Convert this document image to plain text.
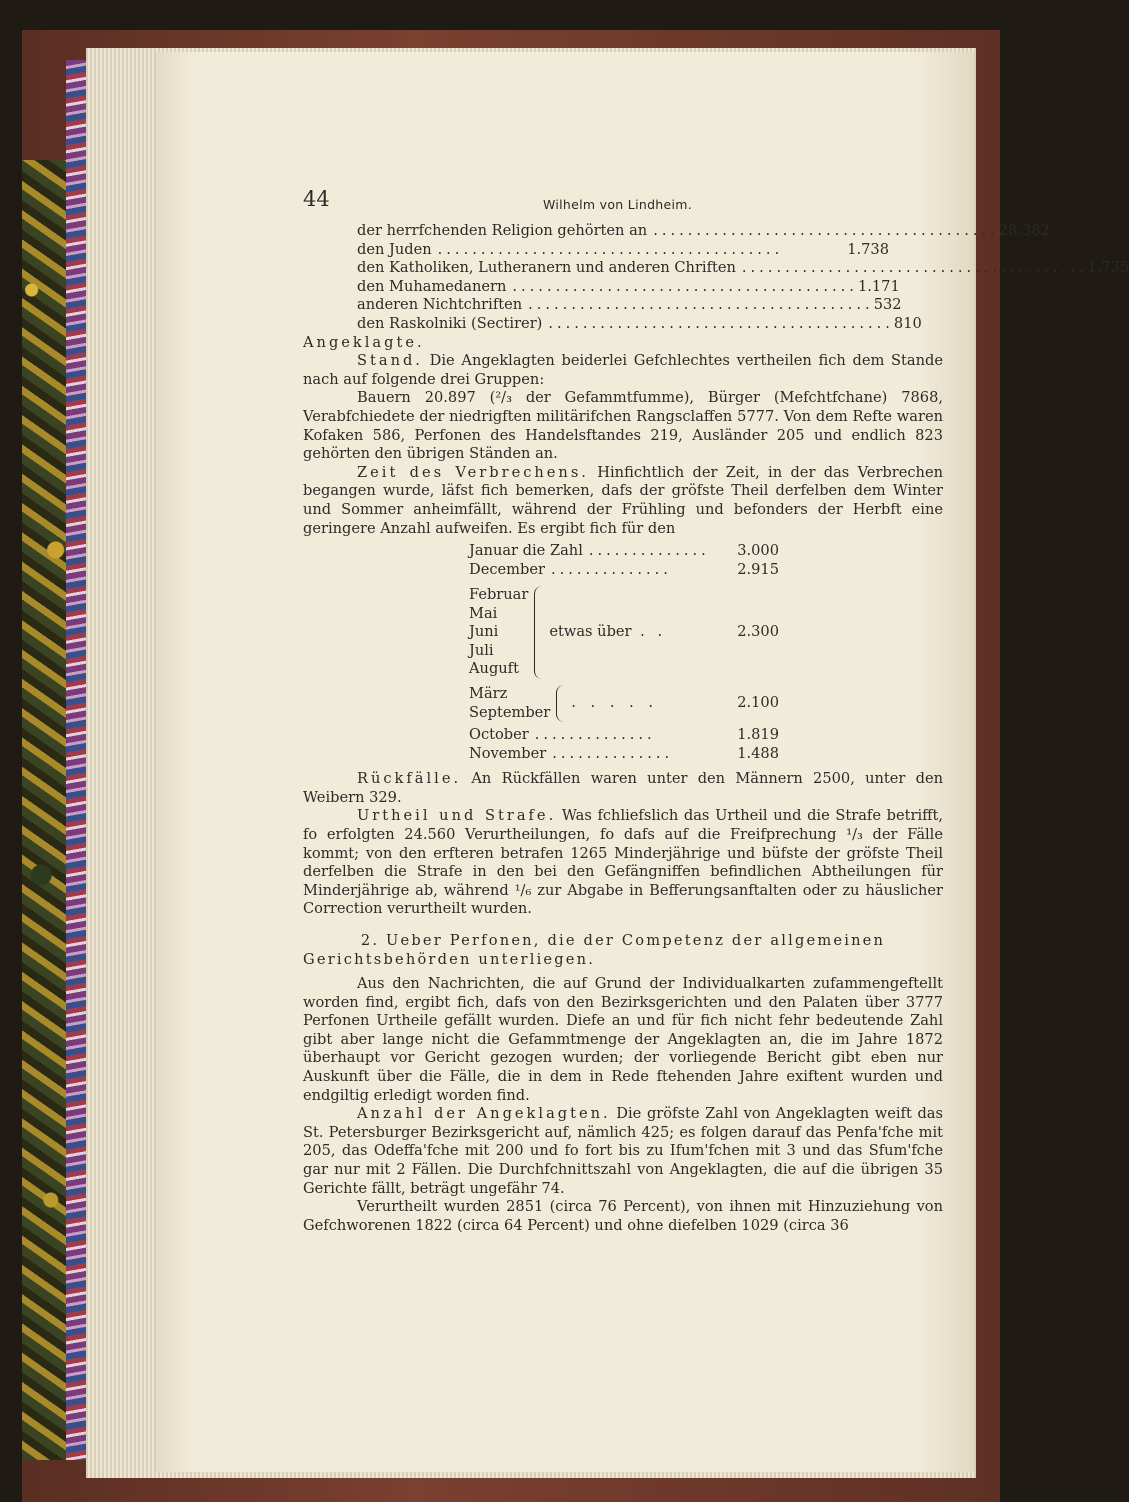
44	Wilhelm von Lindheim.
der herrfchenden Religion gehörten an ........................................ 28.382
den Juden ........................................	1.738
den Katholiken, Lutheranern und anderen Chriften ........................................ 1.735
den Muhamedanern ........................................ 1.171
anderen Nichtchriften ........................................ 532
den Raskolniki (Sectirer) ........................................ 810

Angeklagte.

Stand. Die Angeklagten beiderlei Gefchlechtes vertheilen fich dem Stande nach auf folgende drei Gruppen:

Bauern 20.897 (²/₃ der Gefammtfumme), Bürger (Mefchtfchane) 7868, Verabfchiedete der niedrigften militärifchen Rangsclaffen 5777. Von dem Refte waren Kofaken 586, Perfonen des Handelsftandes 219, Ausländer 205 und endlich 823 gehörten den übrigen Ständen an.

Zeit des Verbrechens. Hinfichtlich der Zeit, in der das Verbrechen begangen wurde, läfst fich bemerken, dafs der gröfste Theil derfelben dem Winter und Sommer anheimfällt, während der Frühling und befonders der Herbft eine geringere Anzahl aufweifen. Es ergibt fich für den

Januar die Zahl ..............	3.000
December ..............	2.915
Februar
Mai
Juni
Juli
Auguft
etwas über . .	2.300
März
September
. . . . .	2.100
October ..............	1.819
November ..............	1.488

Rückfälle. An Rückfällen waren unter den Männern 2500, unter den Weibern 329.

Urtheil und Strafe. Was fchliefslich das Urtheil und die Strafe betrifft, fo erfolgten 24.560 Verurtheilungen, fo dafs auf die Freifprechung ¹/₃ der Fälle kommt; von den erfteren betrafen 1265 Minderjährige und büfste der gröfste Theil derfelben die Strafe in den bei den Gefängniffen befindlichen Abtheilungen für Minderjährige ab, während ¹/₆ zur Abgabe in Befferungsanftalten oder zu häuslicher Correction verurtheilt wurden.

2. Ueber Perfonen, die der Competenz der allgemeinen Gerichtsbehörden unterliegen.

Aus den Nachrichten, die auf Grund der Individualkarten zufammengeftellt worden find, ergibt fich, dafs von den Bezirksgerichten und den Palaten über 3777 Perfonen Urtheile gefällt wurden. Diefe an und für fich nicht fehr bedeutende Zahl gibt aber lange nicht die Gefammtmenge der Angeklagten an, die im Jahre 1872 überhaupt vor Gericht gezogen wurden; der vorliegende Bericht gibt eben nur Auskunft über die Fälle, die in dem in Rede ftehenden Jahre exiftent wurden und endgiltig erledigt worden find.

Anzahl der Angeklagten. Die gröfste Zahl von Angeklagten weift das St. Petersburger Bezirksgericht auf, nämlich 425; es folgen darauf das Penfa'fche mit 205, das Odeffa'fche mit 200 und fo fort bis zu Ifum'fchen mit 3 und das Sfum'fche gar nur mit 2 Fällen. Die Durchfchnittszahl von Angeklagten, die auf die übrigen 35 Gerichte fällt, beträgt ungefähr 74.

Verurtheilt wurden 2851 (circa 76 Percent), von ihnen mit Hinzuziehung von Gefchworenen 1822 (circa 64 Percent) und ohne diefelben 1029 (circa 36
